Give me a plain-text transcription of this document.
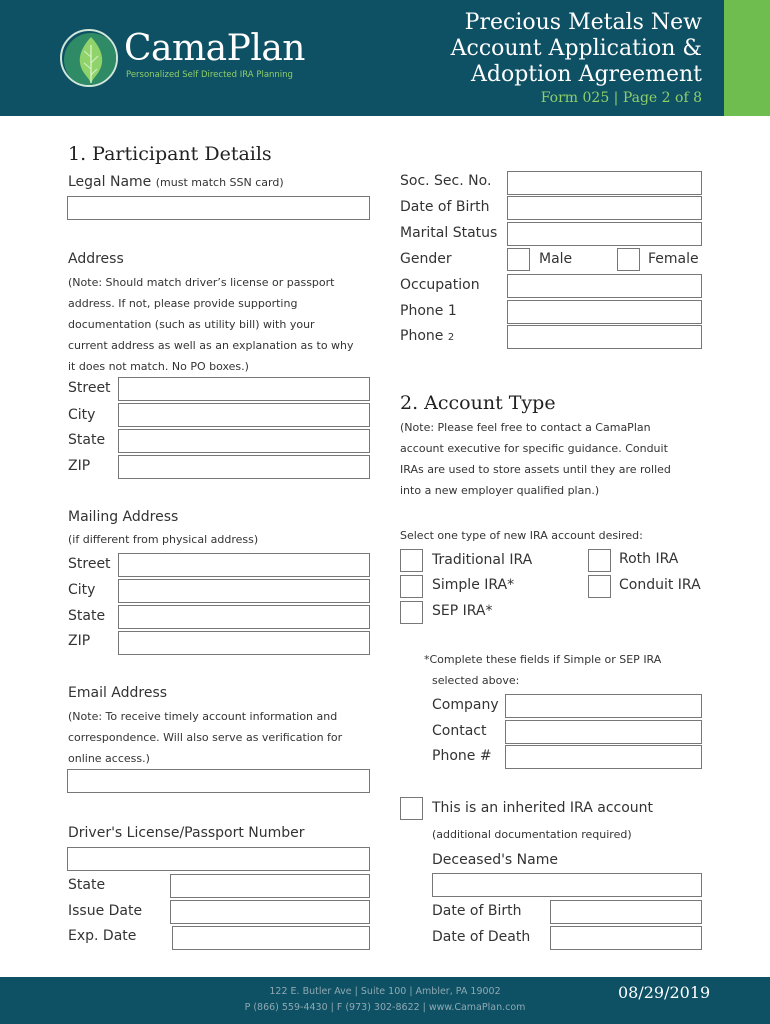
CamaPlan
Personalized Self Directed IRA Planning
Precious Metals New
Account Application &
Adoption Agreement
Form 025 | Page 2 of 8
1. Participant Details
Legal Name (must match SSN card)
Address
(Note: Should match driver’s license or passport
address. If not, please provide supporting
documentation (such as utility bill) with your
current address as well as an explanation as to why
it does not match. No PO boxes.)
Street
City
State
ZIP
Mailing Address
(if different from physical address)
Street
City
State
ZIP
Email Address
(Note: To receive timely account information and
correspondence. Will also serve as verification for
online access.)
Driver's License/Passport Number
State
Issue Date
Exp. Date
Soc. Sec. No.
Date of Birth
Marital Status
Gender	Male	Female
Occupation
Phone 1
Phone 2
2. Account Type
(Note: Please feel free to contact a CamaPlan
account executive for specific guidance. Conduit
IRAs are used to store assets until they are rolled
into a new employer qualified plan.)
Select one type of new IRA account desired:
Traditional IRA	Roth IRA
Simple IRA*	Conduit IRA
SEP IRA*
*Complete these fields if Simple or SEP IRA
selected above:
Company
Contact
Phone #
This is an inherited IRA account
(additional documentation required)
Deceased's Name
Date of Birth
Date of Death
122 E. Butler Ave | Suite 100 | Ambler, PA 19002
P (866) 559-4430 | F (973) 302-8622 | www.CamaPlan.com
08/29/2019
